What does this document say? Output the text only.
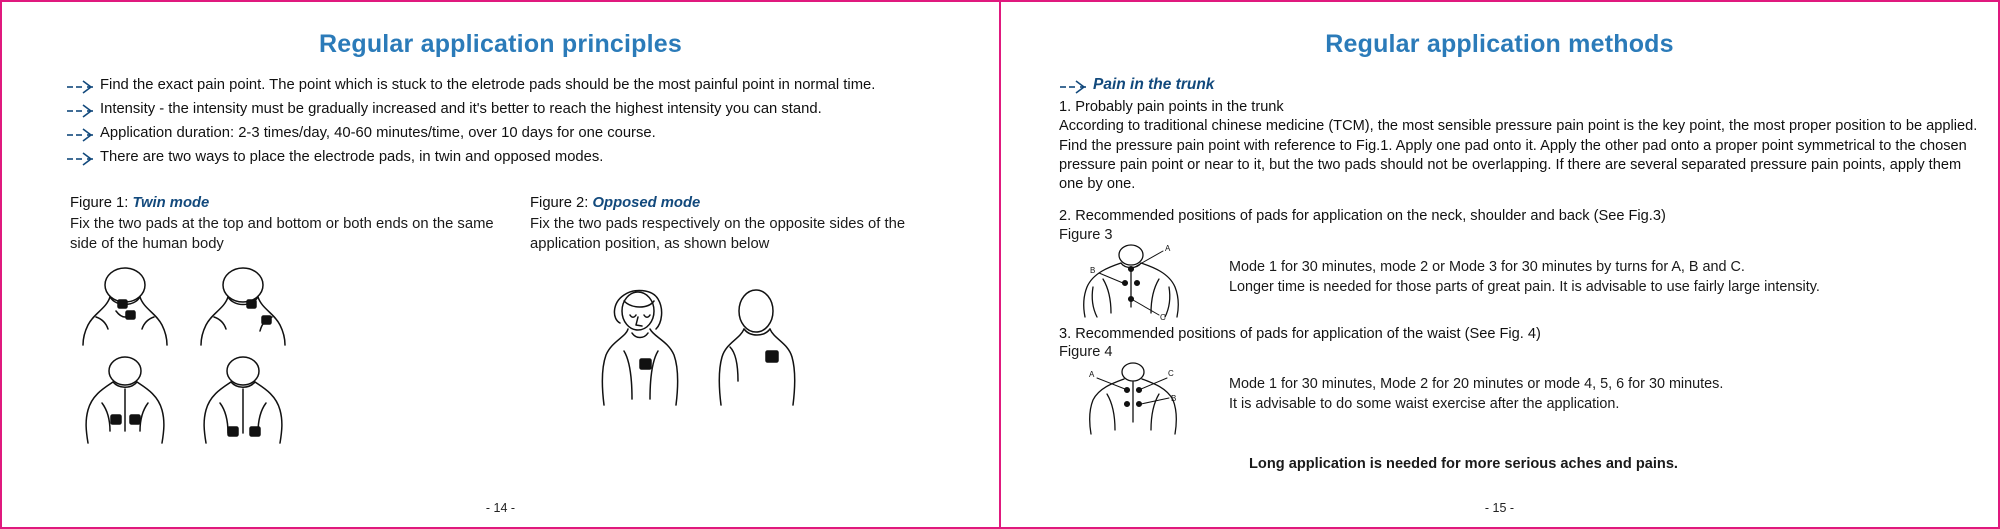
Regular application principles
Find the exact pain point. The point which is stuck to the eletrode pads should be the most painful point in normal time.
Intensity - the intensity must be gradually increased and it's better to reach the highest intensity you can stand.
Application duration: 2-3 times/day, 40-60 minutes/time, over 10 days for one course.
There are two ways to place the electrode pads, in twin and opposed modes.
Figure 1: Twin mode
Fix the two pads at the top and bottom or both ends on the same side of the human body
Figure 2: Opposed mode
Fix the two pads respectively on the opposite sides of the application position, as shown below
- 14 -
Regular application methods
Pain in the trunk
1. Probably pain points in the trunk
According to traditional chinese medicine (TCM), the most sensible pressure pain point is the key point, the most proper position to be applied. Find the pressure pain point with reference to Fig.1. Apply one pad onto it. Apply the other pad onto a proper point symmetrical to the chosen pressure pain point or near to it, but the two pads should not be overlapping. If there are several separated pressure pain points, apply them one by one.
2. Recommended positions of pads for application on the neck, shoulder and back (See Fig.3)
Figure 3
A
B
C
Mode 1 for 30 minutes, mode 2 or Mode 3 for 30 minutes by turns for A, B and C.
Longer time is needed for those parts of great pain. It is advisable to use fairly large intensity.
3. Recommended positions of pads for application of the waist (See Fig. 4)
Figure 4
A	C
B
Mode 1 for 30 minutes, Mode 2 for 20 minutes or mode 4, 5, 6 for 30 minutes.
It is advisable to do some waist exercise after the application.
Long application is needed for more serious aches and pains.
- 15 -
